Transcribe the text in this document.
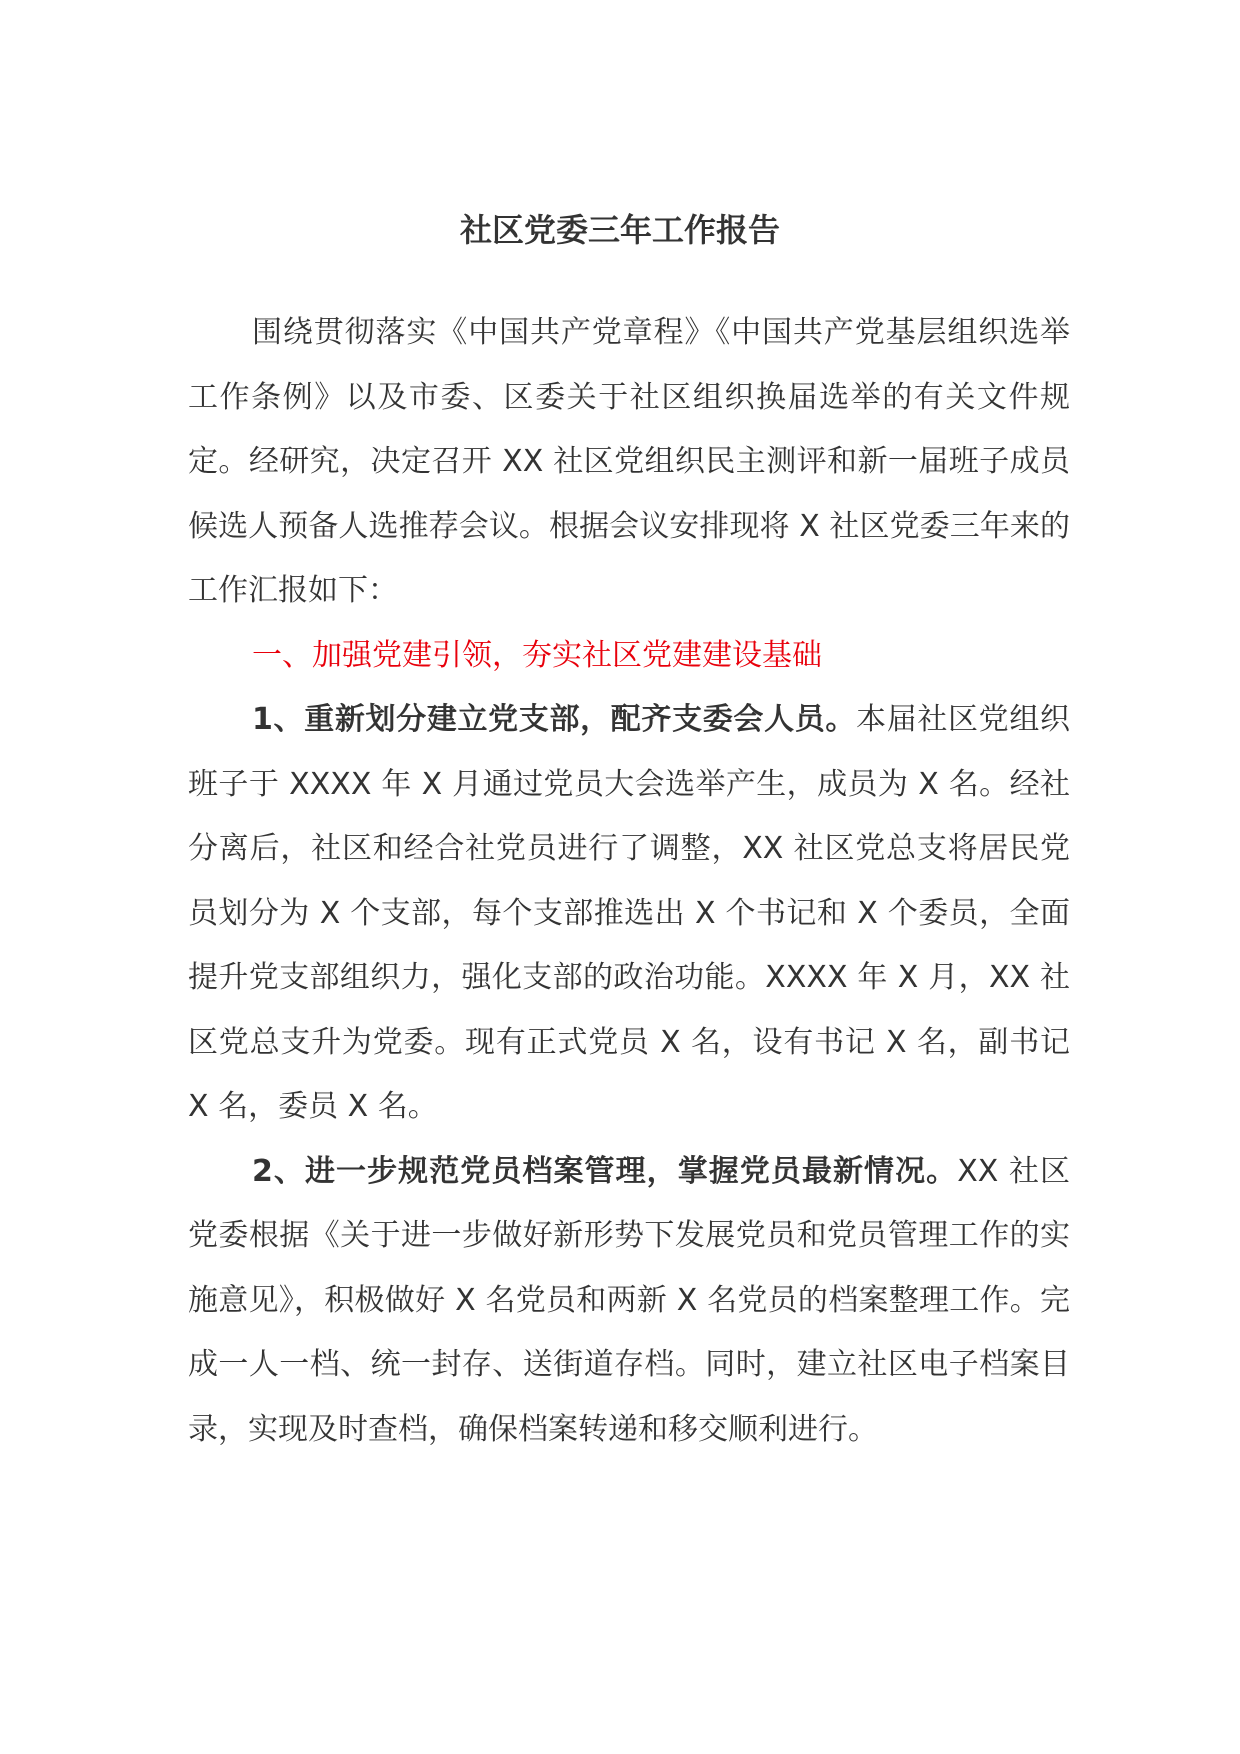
社区党委三年工作报告

围绕贯彻落实《中国共产党章程》《中国共产党基层组织选举工作条例》以及市委、区委关于社区组织换届选举的有关文件规定。经研究，决定召开 XX 社区党组织民主测评和新一届班子成员候选人预备人选推荐会议。根据会议安排现将 X 社区党委三年来的工作汇报如下：

一、加强党建引领，夯实社区党建建设基础

1、重新划分建立党支部，配齐支委会人员。本届社区党组织班子于 XXXX 年 X 月通过党员大会选举产生，成员为 X 名。经社分离后，社区和经合社党员进行了调整，XX 社区党总支将居民党员划分为 X 个支部，每个支部推选出 X 个书记和 X 个委员，全面提升党支部组织力，强化支部的政治功能。XXXX 年 X 月，XX 社区党总支升为党委。现有正式党员 X 名，设有书记 X 名，副书记 X 名，委员 X 名。

2、进一步规范党员档案管理，掌握党员最新情况。XX 社区党委根据《关于进一步做好新形势下发展党员和党员管理工作的实施意见》，积极做好 X 名党员和两新 X 名党员的档案整理工作。完成一人一档、统一封存、送街道存档。同时，建立社区电子档案目录，实现及时查档，确保档案转递和移交顺利进行。
